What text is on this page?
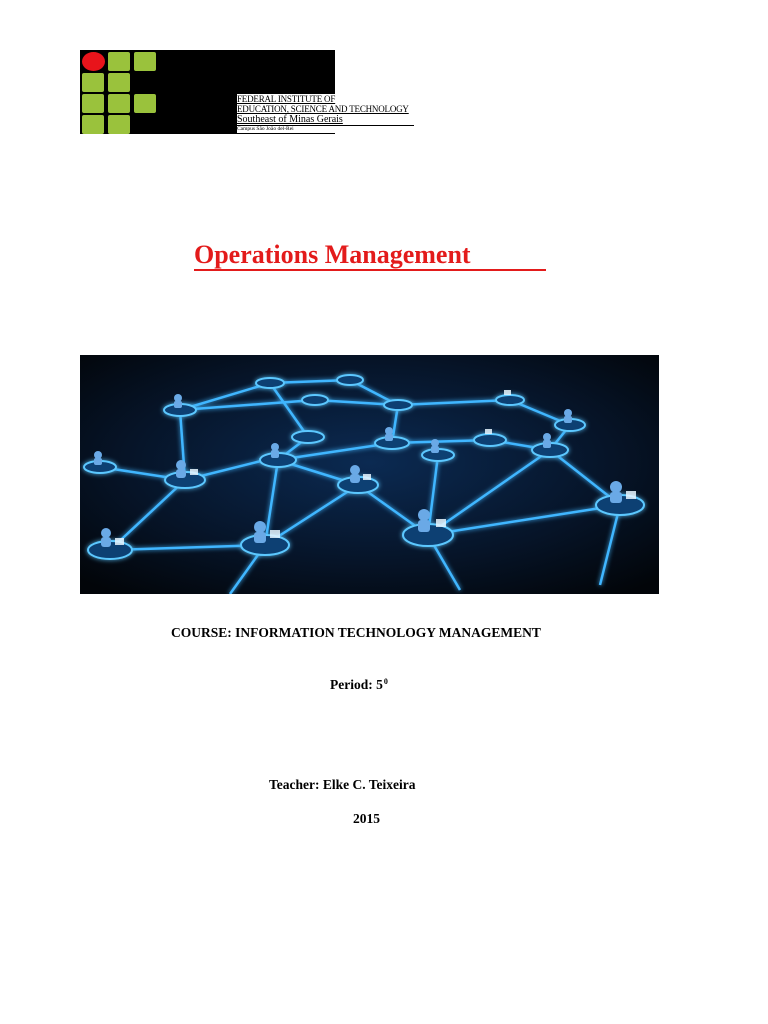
FEDERAL INSTITUTE OF
EDUCATION, SCIENCE AND TECHNOLOGY
Southeast of Minas Gerais
Campus São João del-Rei
Operations Management
COURSE: INFORMATION TECHNOLOGY MANAGEMENT
Period: $5^0$
Teacher: Elke C. Teixeira
2015
